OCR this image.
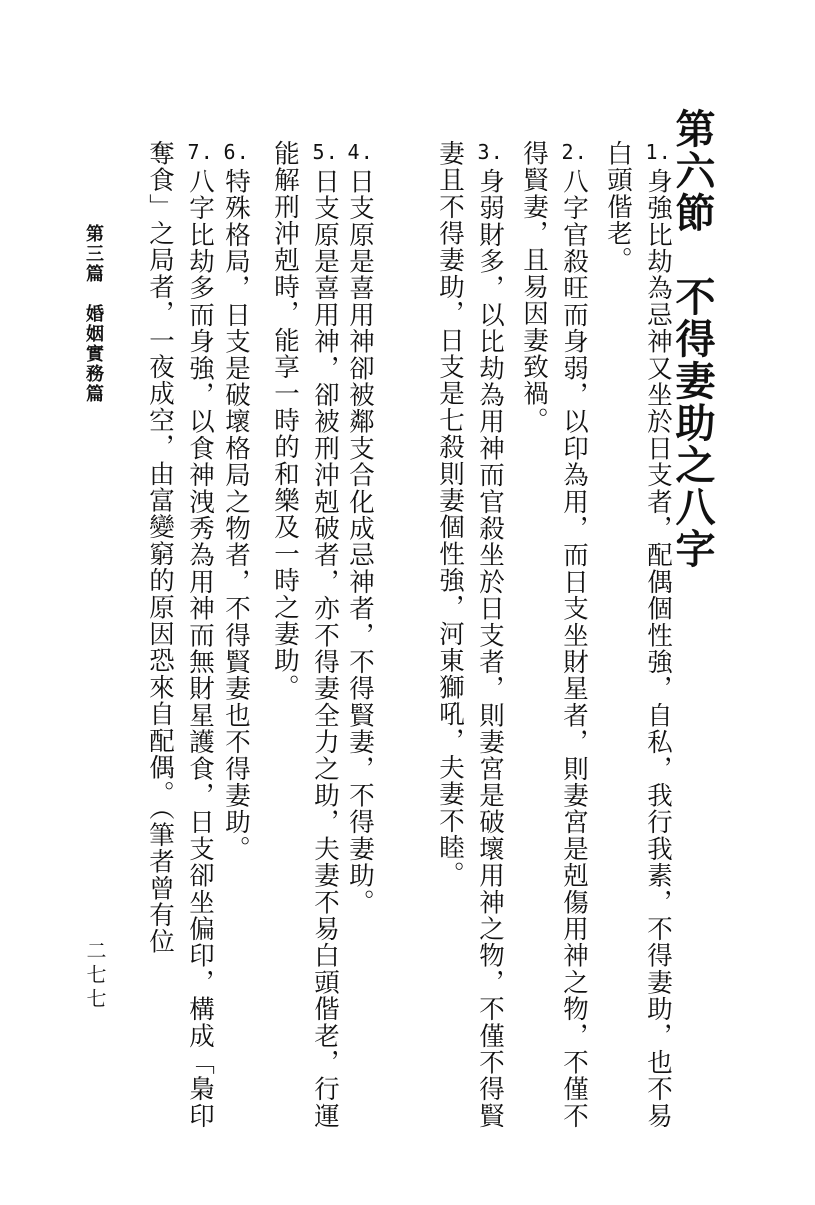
第六節　不得妻助之八字
1.身強比劫為忌神又坐於日支者，配偶個性強，自私，我行我素，不得妻助，也不易白頭偕老。
2.八字官殺旺而身弱，以印為用，而日支坐財星者，則妻宮是剋傷用神之物，不僅不得賢妻，且易因妻致禍。
3.身弱財多，以比劫為用神而官殺坐於日支者，則妻宮是破壞用神之物，不僅不得賢妻且不得妻助，日支是七殺則妻個性強，河東獅吼，夫妻不睦。
4.日支原是喜用神卻被鄰支合化成忌神者，不得賢妻，不得妻助。
5.日支原是喜用神，卻被刑沖剋破者，亦不得妻全力之助，夫妻不易白頭偕老，行運能解刑沖剋時，能享一時的和樂及一時之妻助。
6.特殊格局，日支是破壞格局之物者，不得賢妻也不得妻助。
7.八字比劫多而身強，以食神洩秀為用神而無財星護食，日支卻坐偏印，構成「梟印奪食」之局者，一夜成空，由富變窮的原因恐來自配偶。（筆者曾有位
第三篇　婚姻實務篇
二七七
